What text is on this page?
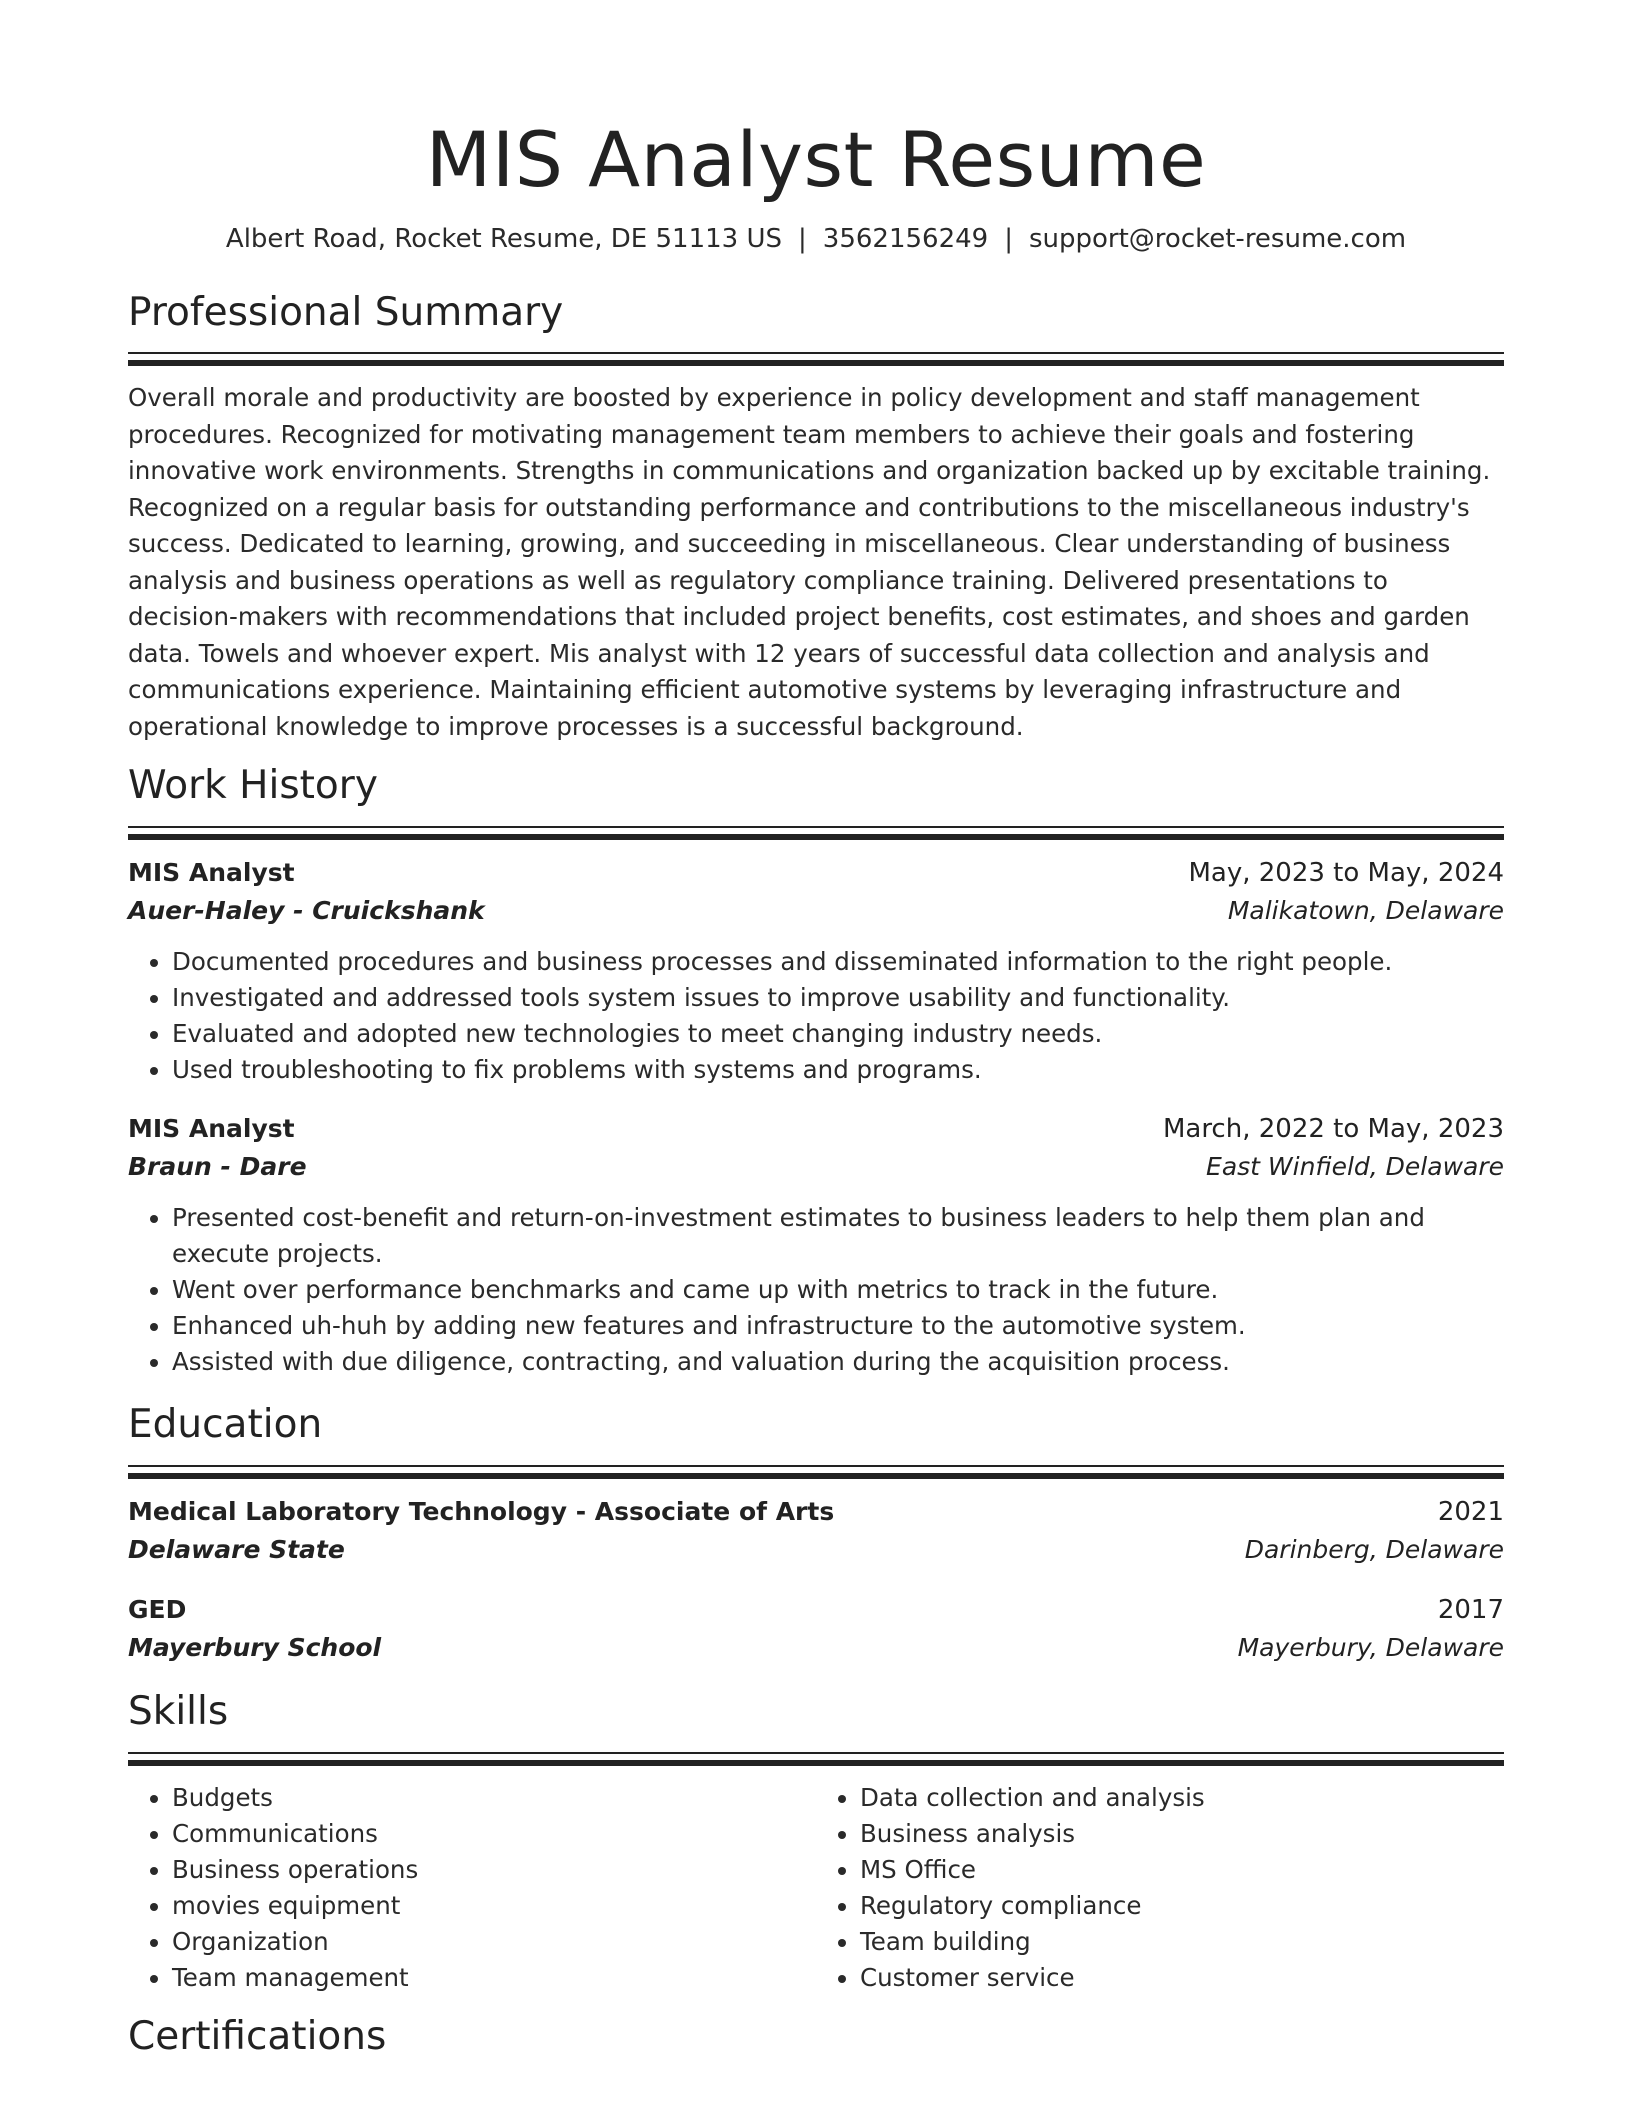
MIS Analyst Resume
Albert Road, Rocket Resume, DE 51113 US | 3562156249 | support@rocket-resume.com
Professional Summary

Overall morale and productivity are boosted by experience in policy development and staff management procedures. Recognized for motivating management team members to achieve their goals and fostering innovative work environments. Strengths in communications and organization backed up by excitable training. Recognized on a regular basis for outstanding performance and contributions to the miscellaneous industry's success. Dedicated to learning, growing, and succeeding in miscellaneous. Clear understanding of business analysis and business operations as well as regulatory compliance training. Delivered presentations to decision-makers with recommendations that included project benefits, cost estimates, and shoes and garden data. Towels and whoever expert. Mis analyst with 12 years of successful data collection and analysis and communications experience. Maintaining efficient automotive systems by leveraging infrastructure and operational knowledge to improve processes is a successful background.

Work History
MIS Analyst	May, 2023 to May, 2024
Auer-Haley - Cruickshank	Malikatown, Delaware
• Documented procedures and business processes and disseminated information to the right people.
• Investigated and addressed tools system issues to improve usability and functionality.
• Evaluated and adopted new technologies to meet changing industry needs.
• Used troubleshooting to fix problems with systems and programs.
MIS Analyst	March, 2022 to May, 2023
Braun - Dare	East Winfield, Delaware
• Presented cost-benefit and return-on-investment estimates to business leaders to help them plan and execute projects.
• Went over performance benchmarks and came up with metrics to track in the future.
• Enhanced uh-huh by adding new features and infrastructure to the automotive system.
• Assisted with due diligence, contracting, and valuation during the acquisition process.
Education
Medical Laboratory Technology - Associate of Arts	2021
Delaware State	Darinberg, Delaware
GED	2017
Mayerbury School	Mayerbury, Delaware
Skills
• Budgets
• Communications
• Business operations
• movies equipment
• Organization
• Team management
• Data collection and analysis
• Business analysis
• MS Office
• Regulatory compliance
• Team building
• Customer service
Certifications
